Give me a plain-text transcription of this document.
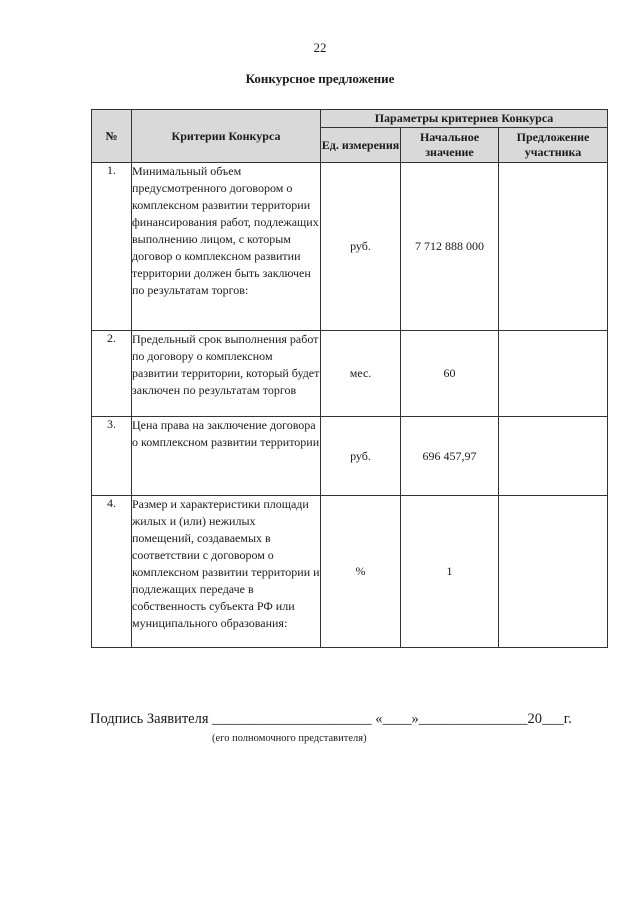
22
Конкурсное предложение
№	Критерии Конкурса	Параметры критериев Конкурса		
		Ед. измерения	Начальное значение	Предложение участника
1.	Минимальный объем предусмотренного договором о комплексном развитии территории финансирования работ, подлежащих выполнению лицом, с которым договор о комплексном развитии территории должен быть заключен по результатам торгов:	руб.	7 712 888 000	
2.	Предельный срок выполнения работ по договору о комплексном развитии территории, который будет заключен по результатам торгов	мес.	60	
3.	Цена права на заключение договора о комплексном развитии территории	руб.	696 457,97	
4.	Размер и характеристики площади жилых и (или) нежилых помещений, создаваемых в соответствии с договором о комплексном развитии территории и подлежащих передаче в собственность субъекта РФ или муниципального образования:	%	1	
Подпись Заявителя ______________________ «____»_______________20___г.
(его полномочного представителя)
